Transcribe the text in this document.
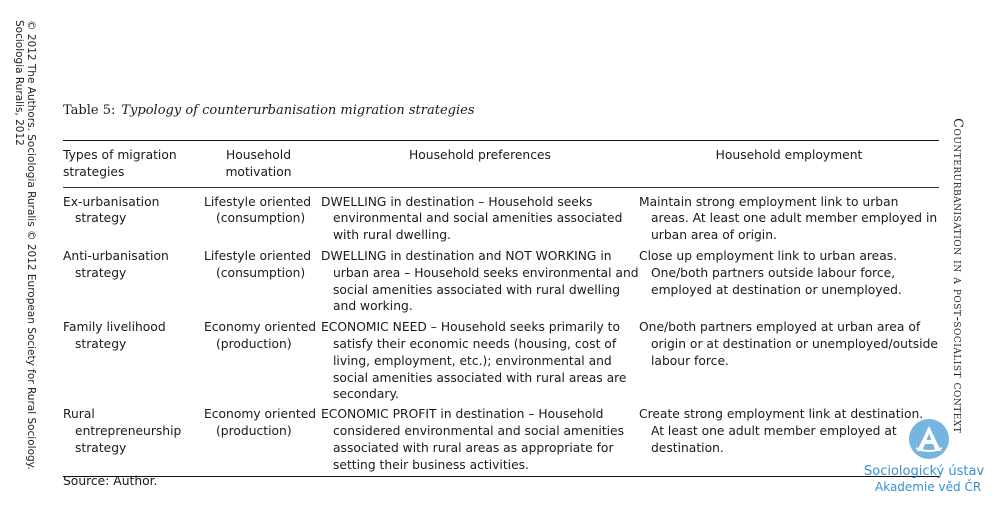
© 2012 The Authors. Sociologia Ruralis © 2012 European Society for Rural Sociology.
Sociologia Ruralis, 2012
Counterurbanisation in a post-socialist context
Table 5: Typology of counterurbanisation migration strategies
Types of migration strategies
Household motivation
Household preferences	Household employment
Ex-urbanisation strategy
Lifestyle oriented (consumption)
DWELLING in destination – Household seeks environmental and social amenities associated with rural dwelling.
Maintain strong employment link to urban areas. At least one adult member employed in urban area of origin.
Anti-urbanisation strategy
Lifestyle oriented (consumption)
DWELLING in destination and NOT WORKING in urban area – Household seeks environmental and social amenities associated with rural dwelling and working.
Close up employment link to urban areas. One/both partners outside labour force, employed at destination or unemployed.
Family livelihood strategy
Economy oriented (production)
ECONOMIC NEED – Household seeks primarily to satisfy their economic needs (housing, cost of living, employment, etc.); environmental and social amenities associated with rural areas are secondary.
One/both partners employed at urban area of origin or at destination or unemployed/outside labour force.
Rural entrepreneurship strategy
Economy oriented (production)
ECONOMIC PROFIT in destination – Household considered environmental and social amenities associated with rural areas as appropriate for setting their business activities.
Create strong employment link at destination. At least one adult member employed at destination.
Source: Author.
Sociologický ústav
Akademie věd ČR
